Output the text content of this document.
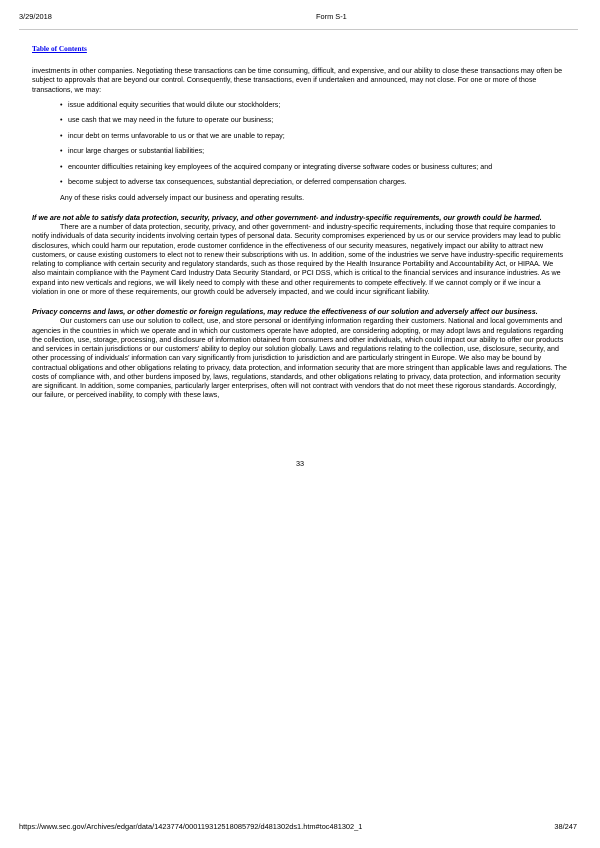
3/29/2018	Form S-1
Table of Contents

investments in other companies. Negotiating these transactions can be time consuming, difficult, and expensive, and our ability to close these transactions may often be subject to approvals that are beyond our control. Consequently, these transactions, even if undertaken and announced, may not close. For one or more of those transactions, we may:

• issue additional equity securities that would dilute our stockholders;
• use cash that we may need in the future to operate our business;
• incur debt on terms unfavorable to us or that we are unable to repay;
• incur large charges or substantial liabilities;
• encounter difficulties retaining key employees of the acquired company or integrating diverse software codes or business cultures; and
• become subject to adverse tax consequences, substantial depreciation, or deferred compensation charges.

Any of these risks could adversely impact our business and operating results.

If we are not able to satisfy data protection, security, privacy, and other government- and industry-specific requirements, our growth could be harmed.

There are a number of data protection, security, privacy, and other government- and industry-specific requirements, including those that require companies to notify individuals of data security incidents involving certain types of personal data. Security compromises experienced by us or our service providers may lead to public disclosures, which could harm our reputation, erode customer confidence in the effectiveness of our security measures, negatively impact our ability to attract new customers, or cause existing customers to elect not to renew their subscriptions with us. In addition, some of the industries we serve have industry-specific requirements relating to compliance with certain security and regulatory standards, such as those required by the Health Insurance Portability and Accountability Act, or HIPAA. We also maintain compliance with the Payment Card Industry Data Security Standard, or PCI DSS, which is critical to the financial services and insurance industries. As we expand into new verticals and regions, we will likely need to comply with these and other requirements to compete effectively. If we cannot comply or if we incur a violation in one or more of these requirements, our growth could be adversely impacted, and we could incur significant liability.

Privacy concerns and laws, or other domestic or foreign regulations, may reduce the effectiveness of our solution and adversely affect our business.

Our customers can use our solution to collect, use, and store personal or identifying information regarding their customers. National and local governments and agencies in the countries in which we operate and in which our customers operate have adopted, are considering adopting, or may adopt laws and regulations regarding the collection, use, storage, processing, and disclosure of information obtained from consumers and other individuals, which could impact our ability to offer our products and services in certain jurisdictions or our customers’ ability to deploy our solution globally. Laws and regulations relating to the collection, use, disclosure, security, and other processing of individuals’ information can vary significantly from jurisdiction to jurisdiction and are particularly stringent in Europe. We also may be bound by contractual obligations and other obligations relating to privacy, data protection, and information security that are more stringent than applicable laws and regulations. The costs of compliance with, and other burdens imposed by, laws, regulations, standards, and other obligations relating to privacy, data protection, and information security are significant. In addition, some companies, particularly larger enterprises, often will not contract with vendors that do not meet these rigorous standards. Accordingly, our failure, or perceived inability, to comply with these laws,

33
https://www.sec.gov/Archives/edgar/data/1423774/000119312518085792/d481302ds1.htm#toc481302_1	38/247
